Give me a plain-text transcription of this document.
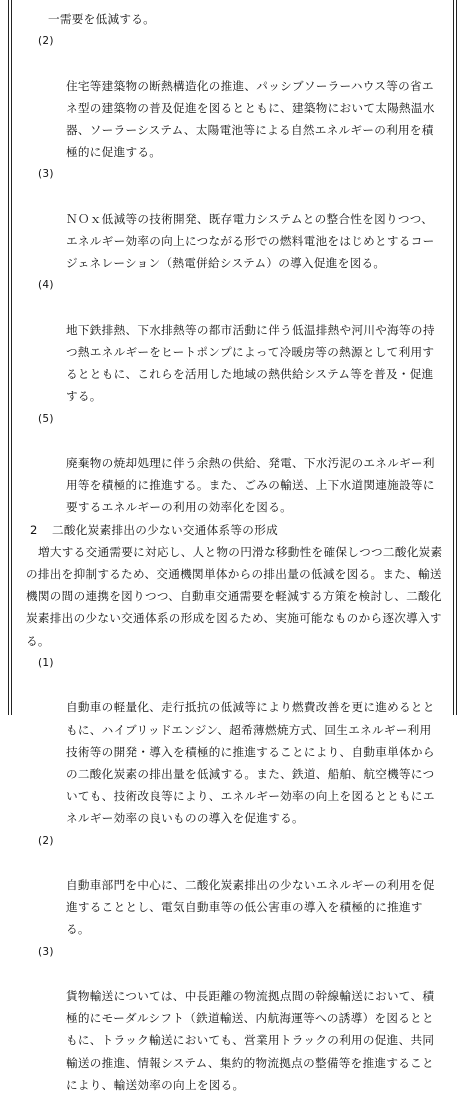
一需要を低減する。

(2)

住宅等建築物の断熱構造化の推進、パッシブソーラーハウス等の省エネ型の建築物の普及促進を図るとともに、建築物において太陽熱温水器、ソーラーシステム、太陽電池等による自然エネルギーの利用を積極的に促進する。

(3)

ＮＯｘ低減等の技術開発、既存電力システムとの整合性を図りつつ、エネルギー効率の向上につながる形での燃料電池をはじめとするコージェネレーション（熱電併給システム）の導入促進を図る。

(4)

地下鉄排熱、下水排熱等の都市活動に伴う低温排熱や河川や海等の持つ熱エネルギーをヒートポンプによって冷暖房等の熱源として利用するとともに、これらを活用した地域の熱供給システム等を普及・促進する。

(5)

廃棄物の焼却処理に伴う余熱の供給、発電、下水汚泥のエネルギー利用等を積極的に推進する。また、ごみの輸送、上下水道関連施設等に要するエネルギーの利用の効率化を図る。

2 二酸化炭素排出の少ない交通体系等の形成
増大する交通需要に対応し、人と物の円滑な移動性を確保しつつ二酸化炭素の排出を抑制するため、交通機関単体からの排出量の低減を図る。また、輸送機関の間の連携を図りつつ、自動車交通需要を軽減する方策を検討し、二酸化炭素排出の少ない交通体系の形成を図るため、実施可能なものから逐次導入する。

(1)

自動車の軽量化、走行抵抗の低減等により燃費改善を更に進めるとともに、ハイブリッドエンジン、超希薄燃焼方式、回生エネルギー利用技術等の開発・導入を積極的に推進することにより、自動車単体からの二酸化炭素の排出量を低減する。また、鉄道、船舶、航空機等についても、技術改良等により、エネルギー効率の向上を図るとともにエネルギー効率の良いものの導入を促進する。

(2)

自動車部門を中心に、二酸化炭素排出の少ないエネルギーの利用を促進することとし、電気自動車等の低公害車の導入を積極的に推進する。

(3)

貨物輸送については、中長距離の物流拠点間の幹線輸送において、積極的にモーダルシフト（鉄道輸送、内航海運等への誘導）を図るとともに、トラック輸送においても、営業用トラックの利用の促進、共同輸送の推進、情報システム、集約的物流拠点の整備等を推進することにより、輸送効率の向上を図る。
